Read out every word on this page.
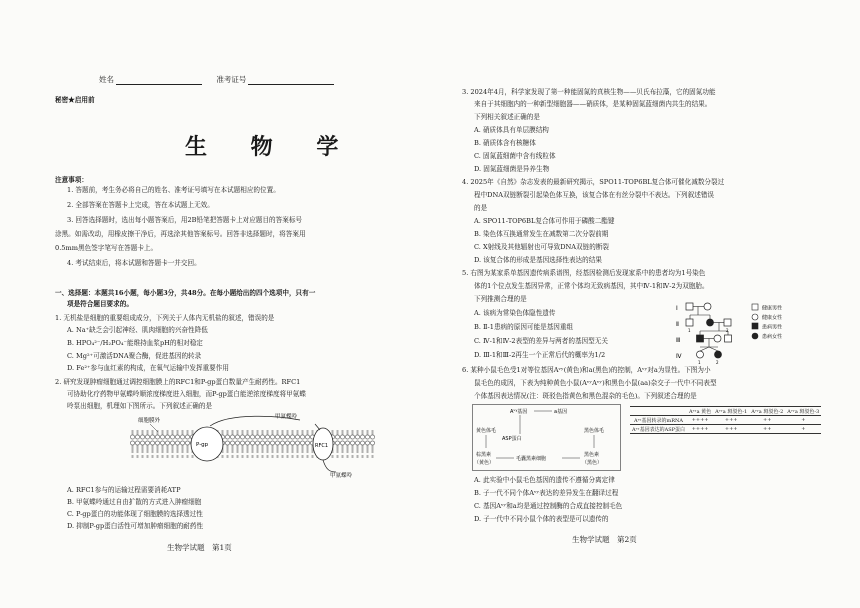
姓名	准考证号
秘密★启用前
生 物 学
注意事项：
1. 答题前，考生务必将自己的姓名、准考证号填写在本试题相应的位置。
2. 全部答案在答题卡上完成，答在本试题上无效。
3. 回答选择题时，选出每小题答案后，用2B铅笔把答题卡上对应题目的答案标号
涂黑。如需改动，用橡皮擦干净后，再选涂其他答案标号。回答非选择题时，将答案用
0.5mm黑色签字笔写在答题卡上。
4. 考试结束后，将本试题和答题卡一并交回。
一、选择题：本题共16小题，每小题3分，共48分。在每小题给出的四个选项中，只有一
项是符合题目要求的。
1. 无机盐是细胞的重要组成成分，下列关于人体内无机盐的叙述，错误的是
A. Na⁺缺乏会引起神经、肌肉细胞的兴奋性降低
B. HPO₄²⁻/H₂PO₄⁻能维持血浆pH的相对稳定
C. Mg²⁺可激活DNA聚合酶，促进基因的转录
D. Fe²⁺参与血红素的构成，在氧气运输中发挥重要作用
2. 研究发现肿瘤细胞通过调控细胞膜上的RFC1和P-gp蛋白数量产生耐药性。RFC1
可协助化疗药物甲氨蝶呤顺浓度梯度进入细胞，而P-gp蛋白能逆浓度梯度将甲氨蝶
呤泵出细胞，机理如下图所示。下列叙述正确的是
细胞膜外
P-gp	RFC1
甲氨蝶呤
甲氨蝶呤
A. RFC1参与的运输过程需要消耗ATP
B. 甲氨蝶呤通过自由扩散的方式进入肿瘤细胞
C. P-gp蛋白的功能体现了细胞膜的选择透过性
D. 抑制P-gp蛋白活性可增加肿瘤细胞的耐药性
生物学试题　第1页
3. 2024年4月，科学家发现了第一种能固氮的真核生物——贝氏布拉藻，它的固氮功能
来自于其细胞内的一种新型细胞器——硝质体，是某种固氮蓝细菌内共生的结果。
下列相关叙述正确的是
A. 硝质体具有单层膜结构
B. 硝质体含有核糖体
C. 固氮蓝细菌中含有线粒体
D. 固氮蓝细菌是异养生物
4. 2025年《自然》杂志发表的最新研究揭示，SPO11-TOP6BL复合体可催化减数分裂过
程中DNA双链断裂引起染色体互换，该复合体在有丝分裂中不表达。下列叙述错误
的是
A. SPO11-TOP6BL复合体可作用于磷酸二酯键
B. 染色体互换通常发生在减数第二次分裂前期
C. X射线及其他辐射也可导致DNA双链的断裂
D. 该复合体的形成是基因选择性表达的结果
5. 右图为某家系单基因遗传病系谱图，经基因检测后发现家系中的患者均为1号染色
体的1个位点发生基因异常，正常个体均无致病基因，其中Ⅳ-1和Ⅳ-2为双胞胎。
下列推测合理的是
A. 该病为常染色体隐性遗传
B. Ⅱ-1患病的原因可能是基因重组
C. Ⅳ-1和Ⅳ-2表型的差异与两者的基因型无关
D. Ⅲ-1和Ⅲ-2再生一个正常后代的概率为1/2
Ⅰ
Ⅱ
Ⅲ
Ⅳ
1	2
1	2
健康男性
健康女性
患病男性
患病女性
6. 某种小鼠毛色受1对等位基因Aᵛʸ(黄色)和a(黑色)的控制，Aᵛʸ对a为显性。下图为小
鼠毛色的成因，下表为纯种黄色小鼠(AᵛʸAᵛʸ)和黑色小鼠(aa)杂交子一代中不同表型
个体基因表达情况(注：斑驳色指黄色和黑色混杂的毛色)。下列叙述合理的是
Aᵛʸ基因	a基因
黄色体毛	黑色体毛
ASP蛋白
棕黑素
（黄色）
毛囊黑素细胞
黑色素
（黑色）
	Aᵛʸa 黄色	Aᵛʸa 斑驳色-1	Aᵛʸa 斑驳色-2	Aᵛʸa 斑驳色-3
Aᵛʸ基因转录的mRNA	++++	+++	++	+
Aᵛʸ基因表达的ASP蛋白	++++	+++	++	+
A. 此实验中小鼠毛色基因的遗传不遵循分离定律
B. 子一代不同个体Aᵛʸ表达的差异发生在翻译过程
C. 基因Aᵛʸ和a均是通过控制酶的合成直接控制毛色
D. 子一代中不同小鼠个体的表型是可以遗传的
生物学试题　第2页
